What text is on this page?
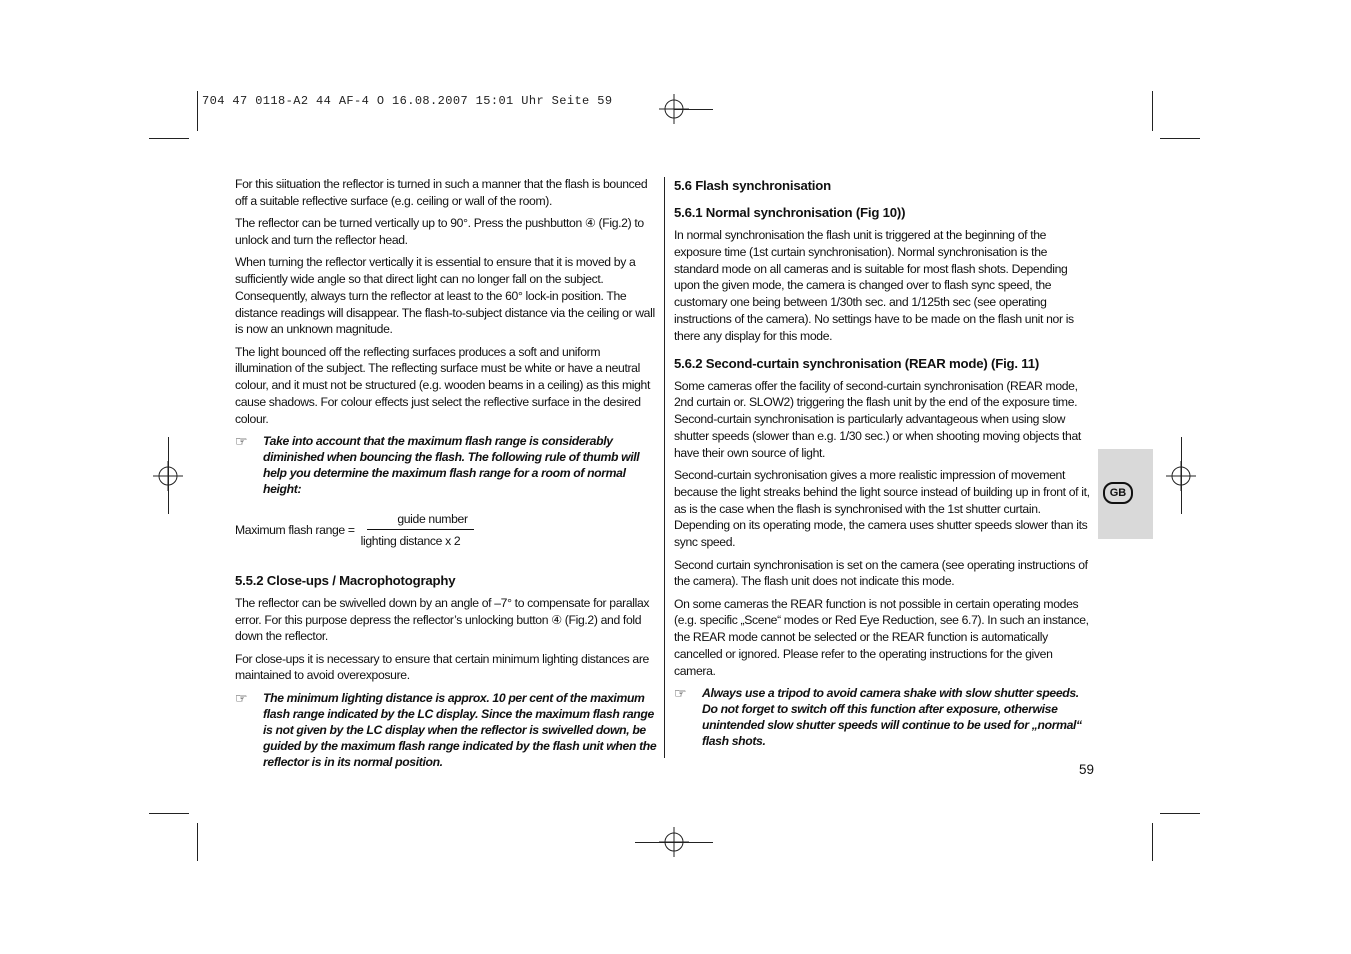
704 47 0118-A2 44 AF-4 O 16.08.2007 15:01 Uhr Seite 59

For this siituation the reflector is turned in such a manner that the flash is bounced off a suitable reflective surface (e.g. ceiling or wall of the room).

The reflector can be turned vertically up to 90°. Press the pushbutton ④ (Fig.2) to unlock and turn the reflector head.

When turning the reflector vertically it is essential to ensure that it is moved by a sufficiently wide angle so that direct light can no longer fall on the subject. Consequently, always turn the reflector at least to the 60° lock-in position. The distance readings will disappear. The flash-to-subject distance via the ceiling or wall is now an unknown magnitude.

The light bounced off the reflecting surfaces produces a soft and uniform illumination of the subject. The reflecting surface must be white or have a neutral colour, and it must not be structured (e.g. wooden beams in a ceiling) as this might cause shadows. For colour effects just select the reflective surface in the desired colour.

☞	Take into account that the maximum flash range is considerably diminished when bouncing the flash. The following rule of thumb will help you determine the maximum flash range for a room of normal height:
Maximum flash range = $\frac{\text{guide number}}{\text{lighting distance x 2}}$
5.5.2 Close-ups / Macrophotography

The reflector can be swivelled down by an angle of –7° to compensate for parallax error. For this purpose depress the reflector’s unlocking button ④ (Fig.2) and fold down the reflector.

For close-ups it is necessary to ensure that certain minimum lighting distances are maintained to avoid overexposure.

☞	The minimum lighting distance is approx. 10 per cent of the maximum flash range indicated by the LC display. Since the maximum flash range is not given by the LC display when the reflector is swivelled down, be guided by the maximum flash range indicated by the flash unit when the reflector is in its normal position.
5.6 Flash synchronisation
5.6.1 Normal synchronisation (Fig 10))

In normal synchronisation the flash unit is triggered at the beginning of the exposure time (1st curtain synchronisation). Normal synchronisation is the standard mode on all cameras and is suitable for most flash shots. Depending upon the given mode, the camera is changed over to flash sync speed, the customary one being between 1/30th sec. and 1/125th sec (see operating instructions of the camera). No settings have to be made on the flash unit nor is there any display for this mode.

5.6.2 Second-curtain synchronisation (REAR mode) (Fig. 11)

Some cameras offer the facility of second-curtain synchronisation (REAR mode, 2nd curtain or. SLOW2) triggering the flash unit by the end of the exposure time. Second-curtain synchronisation is particularly advantageous when using slow shutter speeds (slower than e.g. 1/30 sec.) or when shooting moving objects that have their own source of light.

Second-curtain sychronisation gives a more realistic impression of movement because the light streaks behind the light source instead of building up in front of it, as is the case when the flash is synchronised with the 1st shutter curtain. Depending on its operating mode, the camera uses shutter speeds slower than its sync speed.

Second curtain synchronisation is set on the camera (see operating instructions of the camera). The flash unit does not indicate this mode.

On some cameras the REAR function is not possible in certain operating modes (e.g. specific „Scene“ modes or Red Eye Reduction, see 6.7). In such an instance, the REAR mode cannot be selected or the REAR function is automatically cancelled or ignored. Please refer to the operating instructions for the given camera.

☞	Always use a tripod to avoid camera shake with slow shutter speeds. Do not forget to switch off this function after exposure, otherwise unintended slow shutter speeds will continue to be used for „normal“ flash shots.
GB
59
